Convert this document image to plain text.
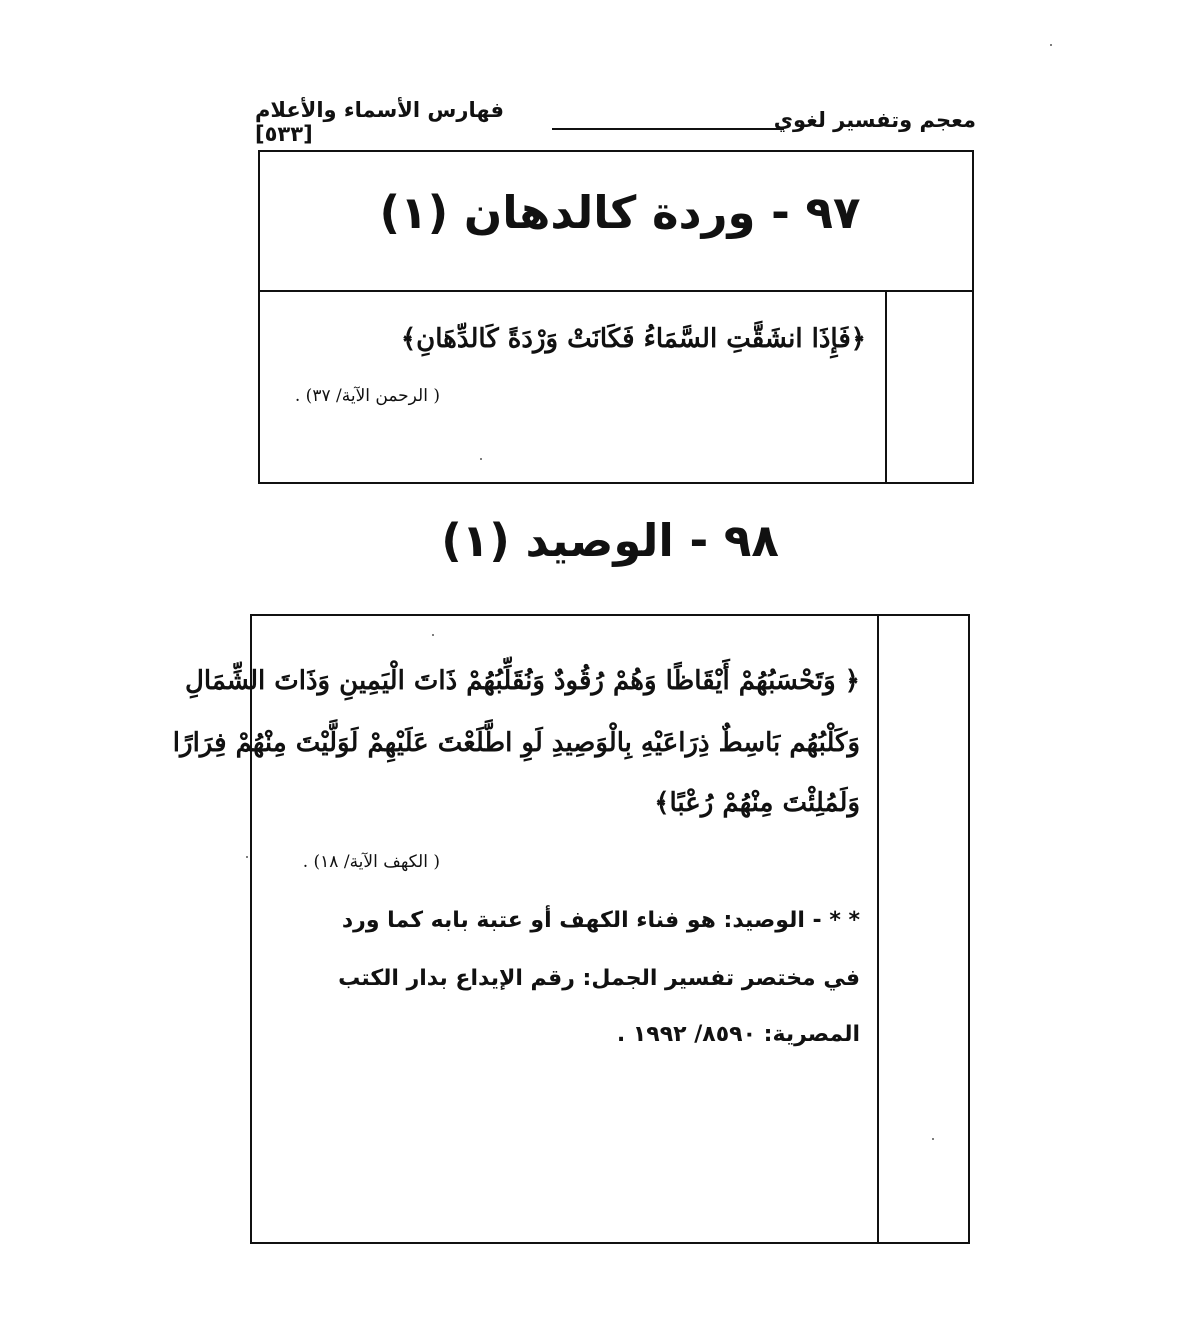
معجم وتفسير لغوي
فهارس الأسماء والأعلام [٥٣٣]
٩٧ - وردة كالدهان (١)
﴿فَإِذَا انشَقَّتِ السَّمَاءُ فَكَانَتْ وَرْدَةً كَالدِّهَانِ﴾
( الرحمن الآية/ ٣٧) .
٩٨ - الوصيد (١)
﴿ وَتَحْسَبُهُمْ أَيْقَاظًا وَهُمْ رُقُودٌ وَنُقَلِّبُهُمْ ذَاتَ الْيَمِينِ وَذَاتَ الشِّمَالِ
وَكَلْبُهُم بَاسِطٌ ذِرَاعَيْهِ بِالْوَصِيدِ لَوِ اطَّلَعْتَ عَلَيْهِمْ لَوَلَّيْتَ مِنْهُمْ فِرَارًا
وَلَمُلِئْتَ مِنْهُمْ رُعْبًا﴾
( الكهف الآية/ ١٨) .
* * - الوصيد: هو فناء الكهف أو عتبة بابه كما ورد
في مختصر تفسير الجمل: رقم الإيداع بدار الكتب
المصرية: ٨٥٩٠/ ١٩٩٢ .
